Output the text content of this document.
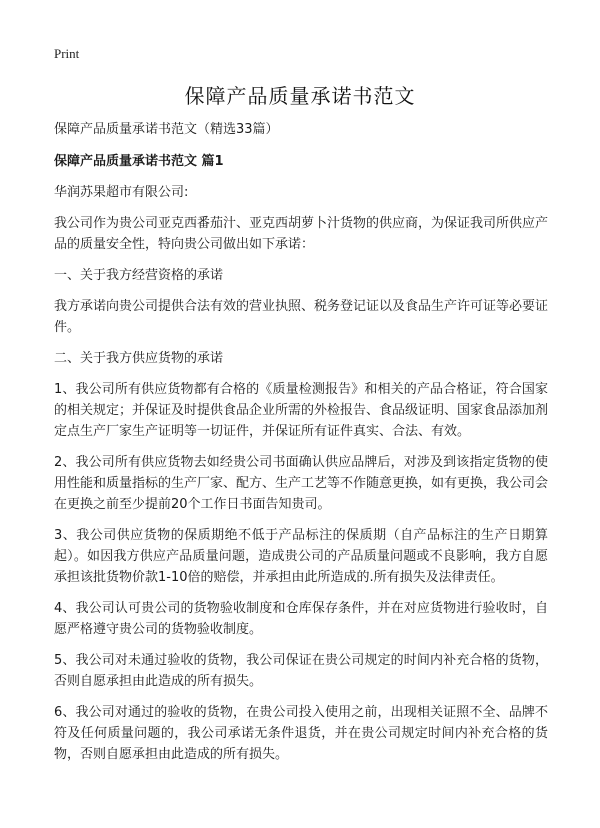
Print
保障产品质量承诺书范文

保障产品质量承诺书范文（精选33篇）

保障产品质量承诺书范文 篇1

华润苏果超市有限公司:

我公司作为贵公司亚克西番茄汁、亚克西胡萝卜汁货物的供应商，为保证我司所供应产品的质量安全性，特向贵公司做出如下承诺：

一、关于我方经营资格的承诺

我方承诺向贵公司提供合法有效的营业执照、税务登记证以及食品生产许可证等必要证件。

二、关于我方供应货物的承诺

1、我公司所有供应货物都有合格的《质量检测报告》和相关的产品合格证，符合国家的相关规定；并保证及时提供食品企业所需的外检报告、食品级证明、国家食品添加剂定点生产厂家生产证明等一切证件，并保证所有证件真实、合法、有效。

2、我公司所有供应货物去如经贵公司书面确认供应品牌后，对涉及到该指定货物的使用性能和质量指标的生产厂家、配方、生产工艺等不作随意更换，如有更换，我公司会在更换之前至少提前20个工作日书面告知贵司。

3、我公司供应货物的保质期绝不低于产品标注的保质期（自产品标注的生产日期算起）。如因我方供应产品质量问题，造成贵公司的产品质量问题或不良影响，我方自愿承担该批货物价款1-10倍的赔偿，并承担由此所造成的.所有损失及法律责任。

4、我公司认可贵公司的货物验收制度和仓库保存条件，并在对应货物进行验收时，自愿严格遵守贵公司的货物验收制度。

5、我公司对未通过验收的货物，我公司保证在贵公司规定的时间内补充合格的货物，否则自愿承担由此造成的所有损失。

6、我公司对通过的验收的货物，在贵公司投入使用之前，出现相关证照不全、品牌不符及任何质量问题的，我公司承诺无条件退货，并在贵公司规定时间内补充合格的货物，否则自愿承担由此造成的所有损失。
